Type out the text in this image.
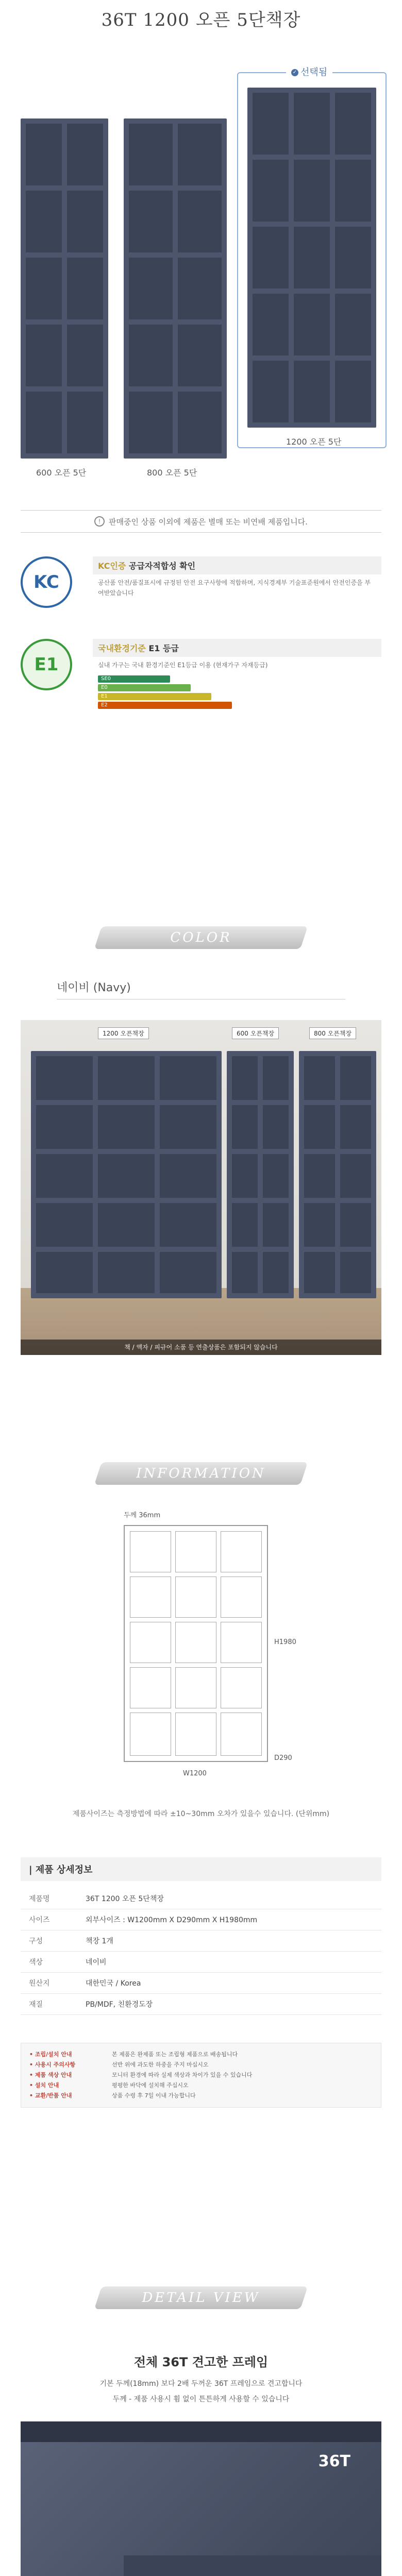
36T 1200 오픈 5단책장
✓ 선택됨
600 오픈 5단	800 오픈 5단
1200 오픈 5단
!	판매중인 상품 이외에 제품은 별매 또는 비연배 제품입니다.
KC
KC인증 공급자적합성 확인
공산품 안전/품질표시에 규정된 안전 요구사항에 적합하며, 지식경제부 기술표준원에서 안전인증을 부여받았습니다
E1
국내환경기준 E1 등급
실내 가구는 국내 환경기준인 E1등급 이용 (현재가구 자재등급)
SE0
E0
E1
E2
COLOR
네이비 (Navy)
1200 오픈책장	600 오픈책장	800 오픈책장
책 / 액자 / 피규어 소품 등 연출상품은 포함되지 않습니다
INFORMATION
두께 36mm
H1980
W1200
D290
제품사이즈는 측정방법에 따라 ±10~30mm 오차가 있을수 있습니다. (단위mm)
| 제품 상세정보
제품명	36T 1200 오픈 5단책장
사이즈	외부사이즈 : W1200mm X D290mm X H1980mm
구성	책장 1개
색상	네이비
원산지	대한민국 / Korea
재질	PB/MDF, 친환경도장
• 조립/설치 안내	본 제품은 완제품 또는 조립형 제품으로 배송됩니다
• 사용시 주의사항	선반 위에 과도한 하중을 주지 마십시오
• 제품 색상 안내	모니터 환경에 따라 실제 색상과 차이가 있을 수 있습니다
• 설치 안내	평평한 바닥에 설치해 주십시오
• 교환/반품 안내	상품 수령 후 7일 이내 가능합니다
DETAIL VIEW
전체 36T 견고한 프레임
기본 두께(18mm) 보다 2배 두꺼운 36T 프레임으로 견고합니다
두께 - 제품 사용시 휨 없이 튼튼하게 사용할 수 있습니다
36T
